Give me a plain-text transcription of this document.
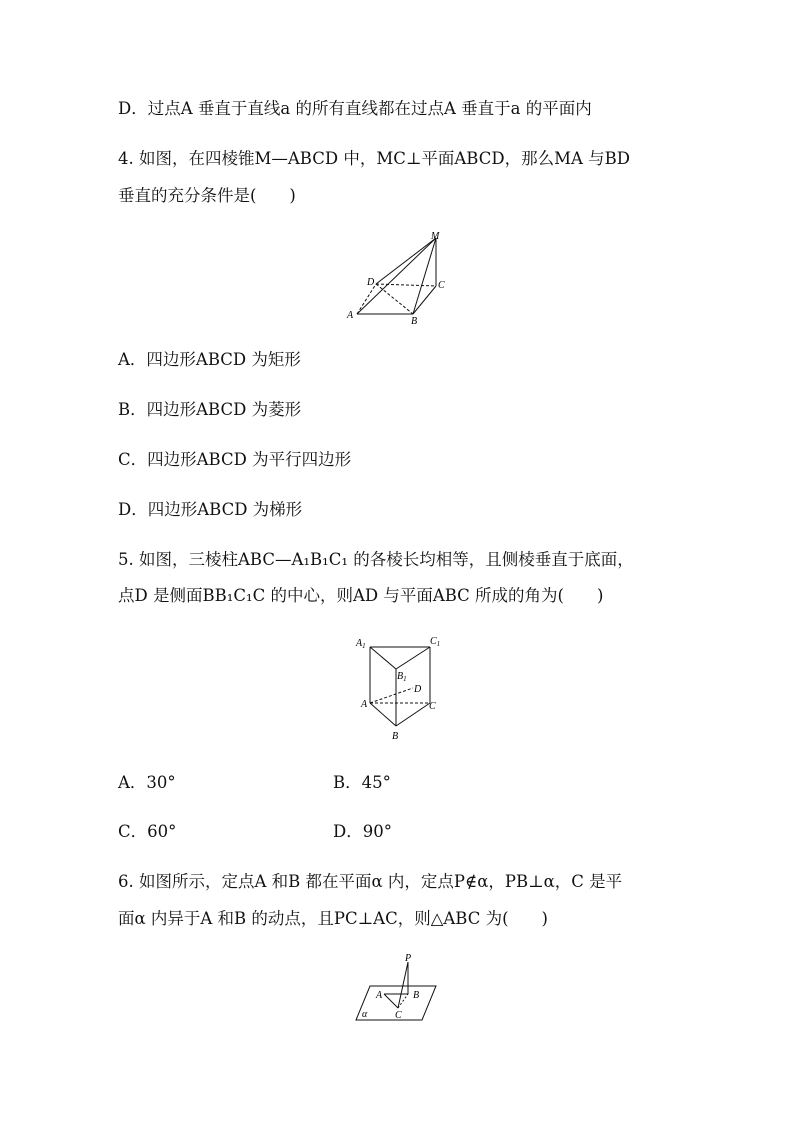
D．过点A 垂直于直线a 的所有直线都在过点A 垂直于a 的平面内
4. 如图，在四棱锥M—ABCD 中，MC⊥平面ABCD，那么MA 与BD
垂直的充分条件是(　　)
M
D	C
A
B
A．四边形ABCD 为矩形
B．四边形ABCD 为菱形
C．四边形ABCD 为平行四边形
D．四边形ABCD 为梯形
5. 如图，三棱柱ABC—A₁B₁C₁ 的各棱长均相等，且侧棱垂直于底面，
点D 是侧面BB₁C₁C 的中心，则AD 与平面ABC 所成的角为(　　)
$A_1$	$C_1$
$B_1$
D
A	C
B
A．30°	B．45°
C．60°	D．90°
6. 如图所示，定点A 和B 都在平面α 内，定点P∉α，PB⊥α，C 是平
面α 内异于A 和B 的动点，且PC⊥AC，则△ABC 为(　　)
P
A	B
C
α
